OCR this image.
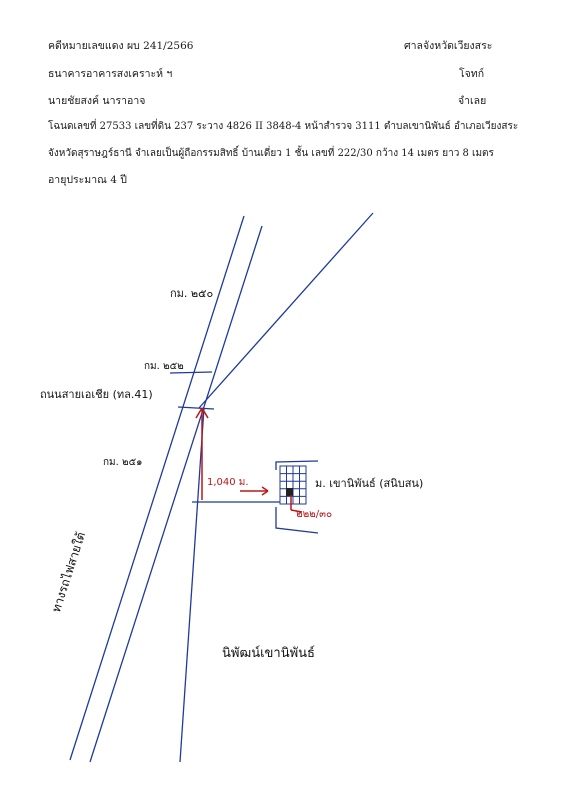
คดีหมายเลขแดง ผบ 241/2566	ศาลจังหวัดเวียงสระ
ธนาคารอาคารสงเคราะห์ ฯ	โจทก์
นายชัยสงค์ นาราอาจ	จำเลย
โฉนดเลขที่ 27533 เลขที่ดิน 237 ระวาง 4826 II 3848-4 หน้าสำรวจ 3111 ตำบลเขานิพันธ์ อำเภอเวียงสระ
จังหวัดสุราษฎร์ธานี จำเลยเป็นผู้ถือกรรมสิทธิ์ บ้านเดี่ยว 1 ชั้น เลขที่ 222/30 กว้าง 14 เมตร ยาว 8 เมตร
อายุประมาณ 4 ปี
กม. ๒๕๐
กม. ๒๕๒
ถนนสายเอเชีย (ทล.41)
กม. ๒๕๑
1,040 ม.	ม. เขานิพันธ์ (สนิบสน)
๒๒๒/๓๐
ทางรถไฟสายใต้
นิพัฒน์เขานิพันธ์
